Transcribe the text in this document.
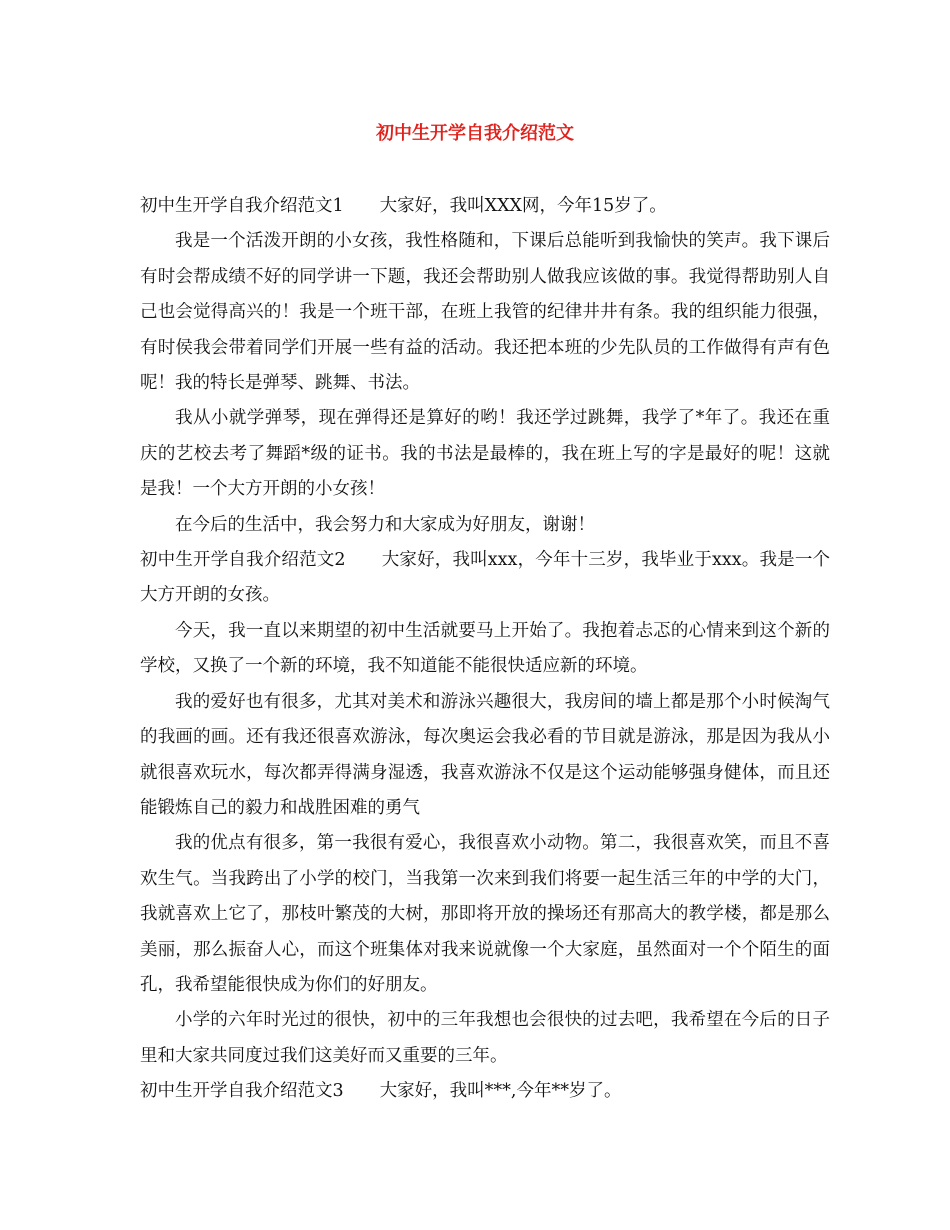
初中生开学自我介绍范文

初中生开学自我介绍范文1 大家好，我叫XXX网，今年15岁了。

我是一个活泼开朗的小女孩，我性格随和，下课后总能听到我愉快的笑声。我下课后有时会帮成绩不好的同学讲一下题，我还会帮助别人做我应该做的事。我觉得帮助别人自己也会觉得高兴的！我是一个班干部，在班上我管的纪律井井有条。我的组织能力很强，有时侯我会带着同学们开展一些有益的活动。我还把本班的少先队员的工作做得有声有色呢！我的特长是弹琴、跳舞、书法。

我从小就学弹琴，现在弹得还是算好的哟！我还学过跳舞，我学了*年了。我还在重庆的艺校去考了舞蹈*级的证书。我的书法是最棒的，我在班上写的字是最好的呢！这就是我！一个大方开朗的小女孩！

在今后的生活中，我会努力和大家成为好朋友，谢谢！

初中生开学自我介绍范文2 大家好，我叫xxx，今年十三岁，我毕业于xxx。我是一个大方开朗的女孩。

今天，我一直以来期望的初中生活就要马上开始了。我抱着忐忑的心情来到这个新的学校，又换了一个新的环境，我不知道能不能很快适应新的环境。

我的爱好也有很多，尤其对美术和游泳兴趣很大，我房间的墙上都是那个小时候淘气的我画的画。还有我还很喜欢游泳，每次奥运会我必看的节目就是游泳，那是因为我从小就很喜欢玩水，每次都弄得满身湿透，我喜欢游泳不仅是这个运动能够强身健体，而且还能锻炼自己的毅力和战胜困难的勇气

我的优点有很多，第一我很有爱心，我很喜欢小动物。第二，我很喜欢笑，而且不喜欢生气。当我跨出了小学的校门，当我第一次来到我们将要一起生活三年的中学的大门，我就喜欢上它了，那枝叶繁茂的大树，那即将开放的操场还有那高大的教学楼，都是那么美丽，那么振奋人心，而这个班集体对我来说就像一个大家庭，虽然面对一个个陌生的面孔，我希望能很快成为你们的好朋友。

小学的六年时光过的很快，初中的三年我想也会很快的过去吧，我希望在今后的日子里和大家共同度过我们这美好而又重要的三年。

初中生开学自我介绍范文3 大家好，我叫***,今年**岁了。
